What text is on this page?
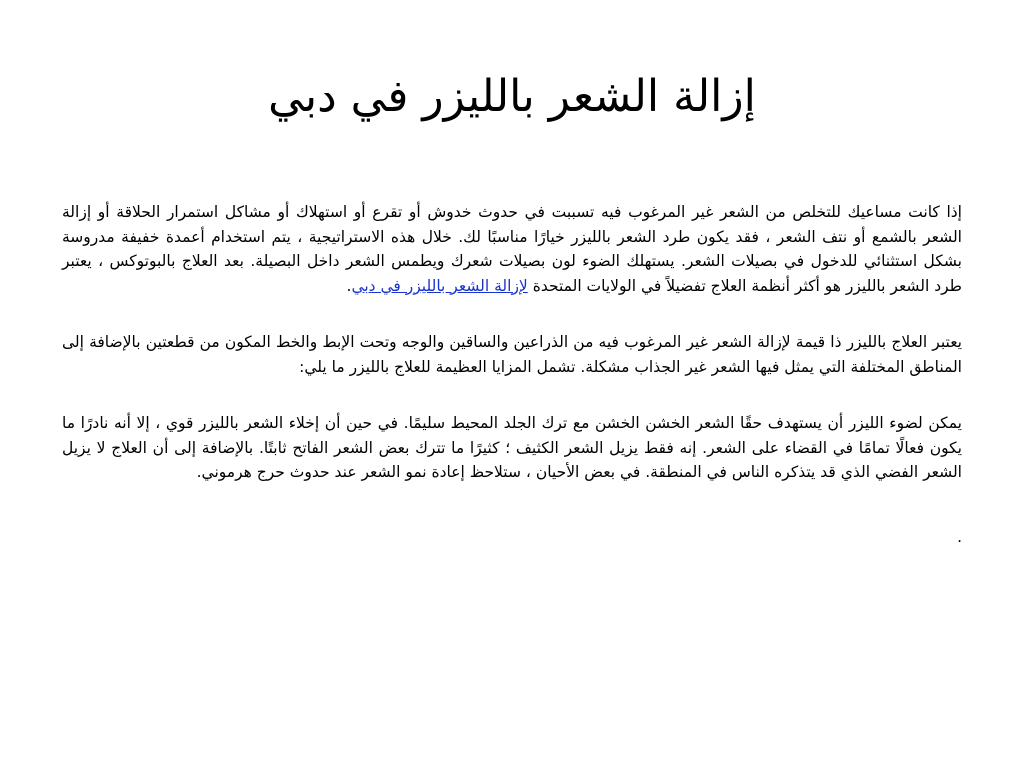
إزالة الشعر بالليزر في دبي

إذا كانت مساعيك للتخلص من الشعر غير المرغوب فيه تسببت في حدوث خدوش أو تقرع أو استهلاك أو مشاكل استمرار الحلاقة أو إزالة الشعر بالشمع أو نتف الشعر ، فقد يكون طرد الشعر بالليزر خيارًا مناسبًا لك. خلال هذه الاستراتيجية ، يتم استخدام أعمدة خفيفة مدروسة بشكل استثنائي للدخول في بصيلات الشعر. يستهلك الضوء لون بصيلات شعرك ويطمس الشعر داخل البصيلة. بعد العلاج بالبوتوكس ، يعتبر طرد الشعر بالليزر هو أكثر أنظمة العلاج تفضيلاً في الولايات المتحدة لإزالة الشعر بالليزر في دبي.

يعتبر العلاج بالليزر ذا قيمة لإزالة الشعر غير المرغوب فيه من الذراعين والساقين والوجه وتحت الإبط والخط المكون من قطعتين بالإضافة إلى المناطق المختلفة التي يمثل فيها الشعر غير الجذاب مشكلة. تشمل المزايا العظيمة للعلاج بالليزر ما يلي:

يمكن لضوء الليزر أن يستهدف حقًا الشعر الخشن الخشن مع ترك الجلد المحيط سليمًا. في حين أن إخلاء الشعر بالليزر قوي ، إلا أنه نادرًا ما يكون فعالًا تمامًا في القضاء على الشعر. إنه فقط يزيل الشعر الكثيف ؛ كثيرًا ما تترك بعض الشعر الفاتح ثابتًا. بالإضافة إلى أن العلاج لا يزيل الشعر الفضي الذي قد يتذكره الناس في المنطقة. في بعض الأحيان ، ستلاحظ إعادة نمو الشعر عند حدوث حرج هرموني.

.
